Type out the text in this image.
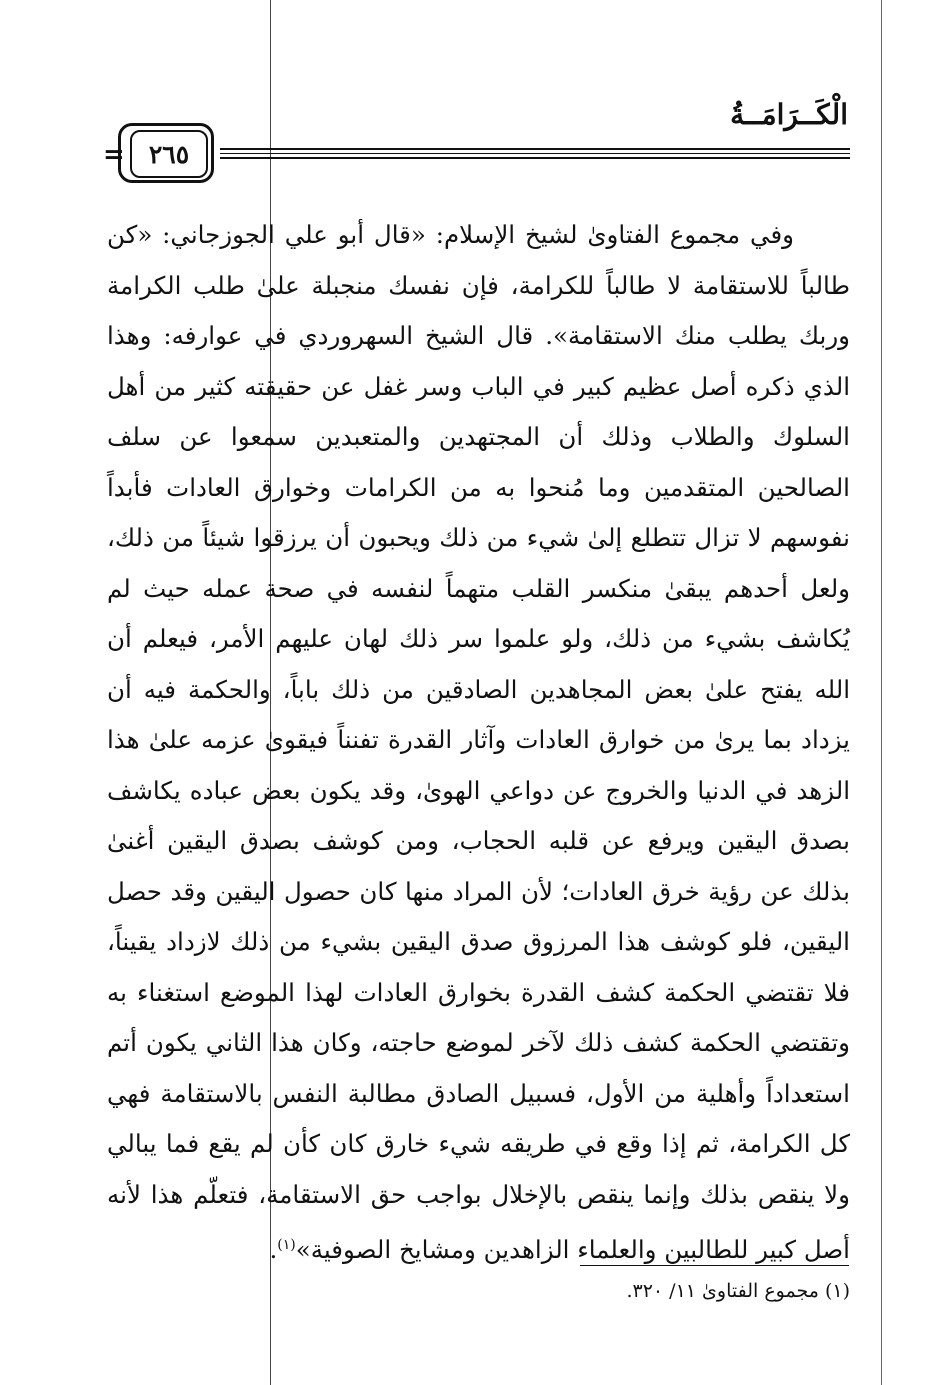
الْكَــرَامَــةُ
= ٢٦٥

وفي مجموع الفتاوىٰ لشيخ الإسلام: «قال أبو علي الجوزجاني: «كن طالباً للاستقامة لا طالباً للكرامة، فإن نفسك منجبلة علىٰ طلب الكرامة وربك يطلب منك الاستقامة». قال الشيخ السهروردي في عوارفه: وهذا الذي ذكره أصل عظيم كبير في الباب وسر غفل عن حقيقته كثير من أهل السلوك والطلاب وذلك أن المجتهدين والمتعبدين سمعوا عن سلف الصالحين المتقدمين وما مُنحوا به من الكرامات وخوارق العادات فأبداً نفوسهم لا تزال تتطلع إلىٰ شيء من ذلك ويحبون أن يرزقوا شيئاً من ذلك، ولعل أحدهم يبقىٰ منكسر القلب متهماً لنفسه في صحة عمله حيث لم يُكاشف بشيء من ذلك، ولو علموا سر ذلك لهان عليهم الأمر، فيعلم أن الله يفتح علىٰ بعض المجاهدين الصادقين من ذلك باباً، والحكمة فيه أن يزداد بما يرىٰ من خوارق العادات وآثار القدرة تفنناً فيقوىٰ عزمه علىٰ هذا الزهد في الدنيا والخروج عن دواعي الهوىٰ، وقد يكون بعض عباده يكاشف بصدق اليقين ويرفع عن قلبه الحجاب، ومن كوشف بصدق اليقين أغنىٰ بذلك عن رؤية خرق العادات؛ لأن المراد منها كان حصول اليقين وقد حصل اليقين، فلو كوشف هذا المرزوق صدق اليقين بشيء من ذلك لازداد يقيناً، فلا تقتضي الحكمة كشف القدرة بخوارق العادات لهذا الموضع استغناء به وتقتضي الحكمة كشف ذلك لآخر لموضع حاجته، وكان هذا الثاني يكون أتم استعداداً وأهلية من الأول، فسبيل الصادق مطالبة النفس بالاستقامة فهي كل الكرامة، ثم إذا وقع في طريقه شيء خارق كان كأن لم يقع فما يبالي ولا ينقص بذلك وإنما ينقص بالإخلال بواجب حق الاستقامة، فتعلّم هذا لأنه أصل كبير للطالبين والعلماء الزاهدين ومشايخ الصوفية»$^{(١)}$.

(١) مجموع الفتاوىٰ ١١/ ٣٢٠.
